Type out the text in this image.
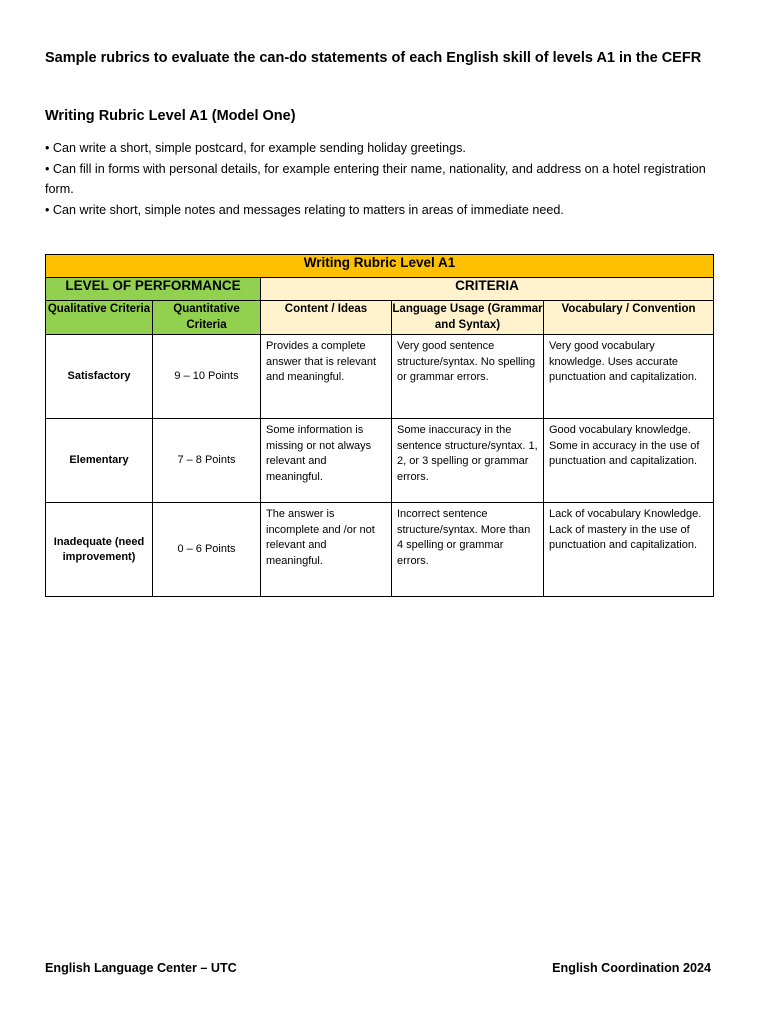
Sample rubrics to evaluate the can-do statements of each English skill of levels A1 in the CEFR
Writing Rubric Level A1 (Model One)
• Can write a short, simple postcard, for example sending holiday greetings.
• Can fill in forms with personal details, for example entering their name, nationality, and address on a hotel registration form.
• Can write short, simple notes and messages relating to matters in areas of immediate need.
Writing Rubric Level A1				
LEVEL OF PERFORMANCE		CRITERIA		
Qualitative Criteria	Quantitative Criteria	Content / Ideas	Language Usage (Grammar and Syntax)	Vocabulary / Convention
Satisfactory	9 – 10 Points	Provides a complete answer that is relevant and meaningful.	Very good sentence structure/syntax. No spelling or grammar errors.	Very good vocabulary knowledge. Uses accurate punctuation and capitalization.
Elementary	7 – 8 Points	Some information is missing or not always relevant and meaningful.	Some inaccuracy in the sentence structure/syntax. 1, 2, or 3 spelling or grammar errors.	Good vocabulary knowledge. Some in accuracy in the use of punctuation and capitalization.
Inadequate (need improvement)	0 – 6 Points	The answer is incomplete and /or not relevant and meaningful.	Incorrect sentence structure/syntax. More than 4 spelling or grammar errors.	Lack of vocabulary Knowledge. Lack of mastery in the use of punctuation and capitalization.
English Language Center – UTC	English Coordination 2024
